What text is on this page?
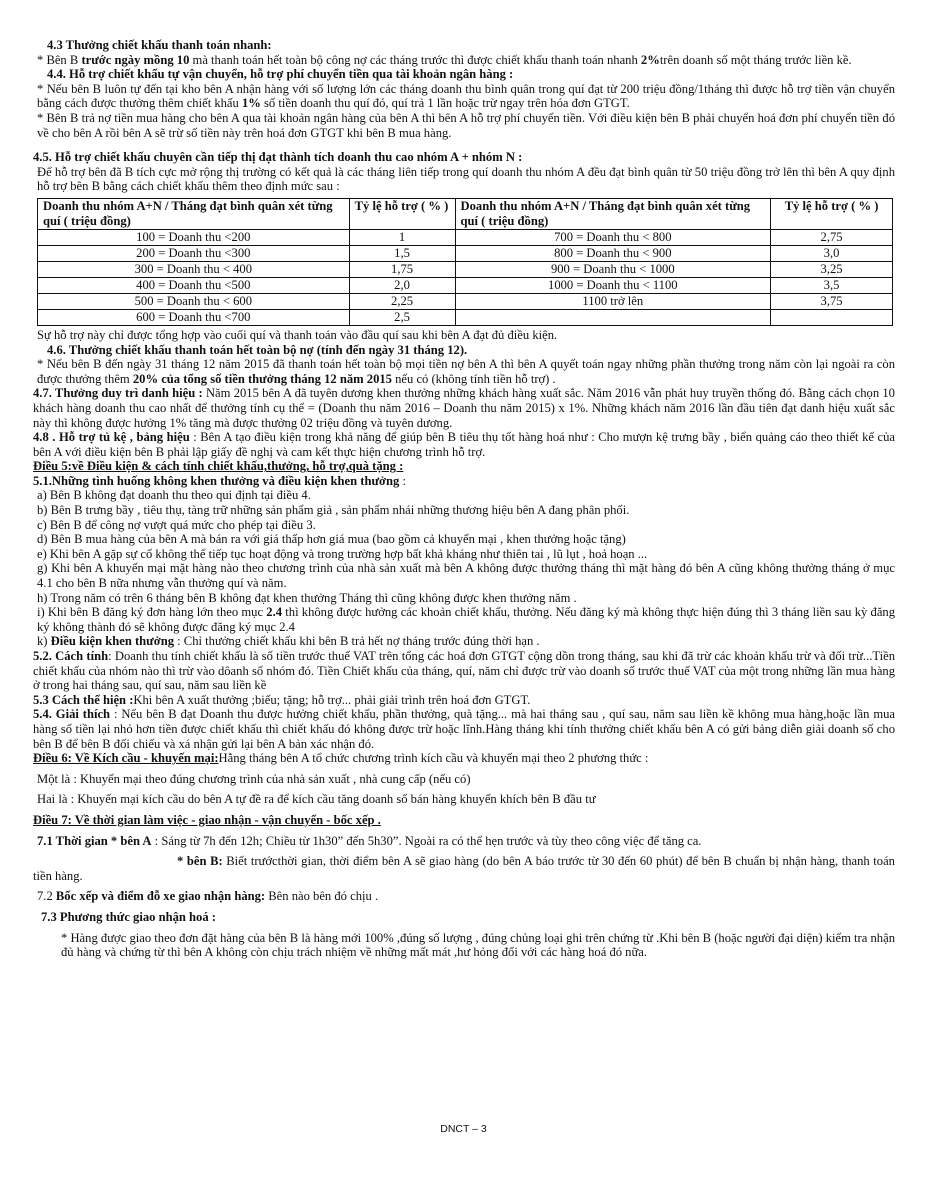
4.3 Thưởng chiết khấu thanh toán nhanh:

* Bên B trước ngày mồng 10 mà thanh toán hết toàn bộ công nợ các tháng trước thì được chiết khấu thanh toán nhanh 2%trên doanh số một tháng trước liền kề.

4.4. Hỗ trợ chiết khấu tự vận chuyển, hỗ trợ phí chuyển tiền qua tài khoản ngân hàng :

* Nếu bên B luôn tự đến tại kho bên A nhận hàng với số lượng lớn các tháng doanh thu bình quân trong quí đạt từ 200 triệu đồng/1tháng thì được hỗ trợ tiền vận chuyển bằng cách được thưởng thêm chiết khấu 1% số tiền doanh thu quí đó, quí trả 1 lần hoặc trừ ngay trên hóa đơn GTGT.

* Bên B trả nợ tiền mua hàng cho bên A qua tài khoản ngân hàng của bên A thì bên A hỗ trợ phí chuyển tiền. Với điều kiện bên B phải chuyển hoá đơn phí chuyển tiền đó về cho bên A rồi bên A sẽ trừ số tiền này trên hoá đơn GTGT khi bên B mua hàng.

4.5. Hỗ trợ chiết khấu chuyên cần tiếp thị đạt thành tích doanh thu cao nhóm A + nhóm N :

Để hỗ trợ bên đã B tích cực mở rộng thị trường có kết quả là các tháng liên tiếp trong quí doanh thu nhóm A đều đạt bình quân từ 50 triệu đồng trở lên thì bên A quy định hỗ trợ bên B bằng cách chiết khấu thêm theo định mức sau :

Doanh thu nhóm A+N / Tháng đạt bình quân xét từng quí ( triệu đồng)	Tỷ lệ hỗ trợ ( % )	Doanh thu nhóm A+N / Tháng đạt bình quân xét từng quí ( triệu đồng)	Tỷ lệ hỗ trợ ( % )
100 = Doanh thu <200	1	700 = Doanh thu < 800	2,75
200 = Doanh thu <300	1,5	800 = Doanh thu < 900	3,0
300 = Doanh thu < 400	1,75	900 = Doanh thu < 1000	3,25
400 = Doanh thu <500	2,0	1000 = Doanh thu < 1100	3,5
500 = Doanh thu < 600	2,25	1100 trở lên	3,75
600 = Doanh thu <700	2,5		

Sự hỗ trợ này chỉ được tổng hợp vào cuối quí và thanh toán vào đầu quí sau khi bên A đạt đủ điều kiện.

4.6. Thưởng chiết khấu thanh toán hết toàn bộ nợ (tính đến ngày 31 tháng 12).

* Nếu bên B đến ngày 31 tháng 12 năm 2015 đã thanh toán hết toàn bộ mọi tiền nợ bên A thì bên A quyết toán ngay những phần thưởng trong năm còn lại ngoài ra còn được thưởng thêm 20% của tổng số tiền thưởng tháng 12 năm 2015 nếu có (không tính tiền hỗ trợ) .

4.7. Thưởng duy trì danh hiệu : Năm 2015 bên A đã tuyên dương khen thưởng những khách hàng xuất sắc. Năm 2016 vẫn phát huy truyền thống đó. Bằng cách chọn 10 khách hàng doanh thu cao nhất để thưởng tính cụ thể = (Doanh thu năm 2016 – Doanh thu năm 2015) x 1%. Những khách năm 2016 lần đầu tiên đạt danh hiệu xuất sắc này thì không được hưởng 1% tăng mà được thưởng 02 triệu đồng và tuyên dương.

4.8 . Hỗ trợ tủ kệ , bảng hiệu : Bên A tạo điều kiện trong khả năng để giúp bên B tiêu thụ tốt hàng hoá như : Cho mượn kệ trưng bầy , biển quảng cáo theo thiết kế của bên A với điều kiện bên B phải lập giấy đề nghị và cam kết thực hiện chương trình hỗ trợ.

Điều 5:về Điều kiện & cách tính chiết khấu,thưởng, hỗ trợ,quà tặng :

5.1.Những tình huống không khen thưởng và điều kiện khen thưởng :

a) Bên B không đạt doanh thu theo qui định tại điều 4.

b) Bên B trưng bầy , tiêu thụ, tàng trữ những sản phẩm giả , sản phẩm nhái những thương hiệu bên A đang phân phối.

c) Bên B để công nợ vượt quá mức cho phép tại điều 3.

d) Bên B mua hàng của bên A mà bán ra với giá thấp hơn giá mua (bao gồm cả khuyến mại , khen thưởng hoặc tặng)

e) Khi bên A gặp sự cố không thể tiếp tục hoạt động và trong trường hợp bất khả kháng như thiên tai , lũ lụt , hoả hoạn ...

g) Khi bên A khuyến mại mặt hàng nào theo chương trình của nhà sản xuất mà bên A không được thưởng tháng thì mặt hàng đó bên A cũng không thưởng tháng ở mục 4.1 cho bên B nữa nhưng vẫn thưởng quí và năm.

h) Trong năm có trên 6 tháng bên B không đạt khen thưởng Tháng thì cũng không được khen thưởng năm .

i) Khi bên B đăng ký đơn hàng lớn theo mục 2.4 thì không được hưởng các khoản chiết khấu, thưởng. Nếu đăng ký mà không thực hiện đúng thì 3 tháng liền sau kỳ đăng ký không thành đó sẽ không được đăng ký mục 2.4

k) Điều kiện khen thưởng : Chỉ thưởng chiết khấu khi bên B trả hết nợ tháng trước đúng thời hạn .

5.2. Cách tính: Doanh thu tính chiết khấu là số tiền trước thuế VAT trên tổng các hoá đơn GTGT cộng dồn trong tháng, sau khi đã trừ các khoản khấu trừ và đối trừ...Tiền chiết khấu của nhóm nào thì trừ vào dôanh số nhóm đó. Tiền Chiết khấu của tháng, quí, năm chỉ được trừ vào doanh số trước thuế VAT của một trong những lần mua hàng ở trong hai tháng sau, quí sau, năm sau liền kề

5.3 Cách thể hiện :Khi bên A xuất thưởng ;biếu; tặng; hỗ trợ... phải giải trình trên hoá đơn GTGT.

5.4. Giải thích : Nếu bên B đạt Doanh thu được hưởng chiết khấu, phần thưởng, quà tặng... mà hai tháng sau , quí sau, năm sau liền kề không mua hàng,hoặc lần mua hàng số tiền lại nhỏ hơn tiền được chiết khấu thì chiết khấu đó không được trừ hoặc lĩnh.Hàng tháng khi tính thưởng chiết khấu bên A có gửi bảng diễn giải doanh số cho bên B để bên B đối chiếu và xá nhận gửi lại bên A bản xác nhận đó.

Điều 6: Về Kích cầu - khuyến mại:Hằng tháng bên A tổ chức chương trình kích cầu và khuyến mại theo 2 phương thức :

Một là : Khuyến mại theo đúng chương trình của nhà sản xuất , nhà cung cấp (nếu có)

Hai là : Khuyến mại kích cầu do bên A tự đề ra để kích cầu tăng doanh số bán hàng khuyến khích bên B đầu tư

Điều 7: Về thời gian làm việc - giao nhận - vận chuyển - bốc xếp .

7.1 Thời gian * bên A : Sáng từ 7h đến 12h; Chiều từ 1h30” đến 5h30”. Ngoài ra có thể hẹn trước và tùy theo công việc để tăng ca.

* bên B: Biết trướcthời gian, thời điểm bên A sẽ giao hàng (do bên A báo trước từ 30 đến 60 phút) để bên B chuẩn bị nhận hàng, thanh toán tiền hàng.

7.2 Bốc xếp và điểm đỗ xe giao nhận hàng: Bên nào bên đó chịu .

7.3 Phương thức giao nhận hoá :

* Hàng được giao theo đơn đặt hàng của bên B là hàng mới 100% ,đúng số lượng , đúng chủng loại ghi trên chứng từ .Khi bên B (hoặc người đại diện) kiểm tra nhận đủ hàng và chứng từ thì bên A không còn chịu trách nhiệm về những mất mát ,hư hỏng đối với các hàng hoá đó nữa.

DNCT – 3
